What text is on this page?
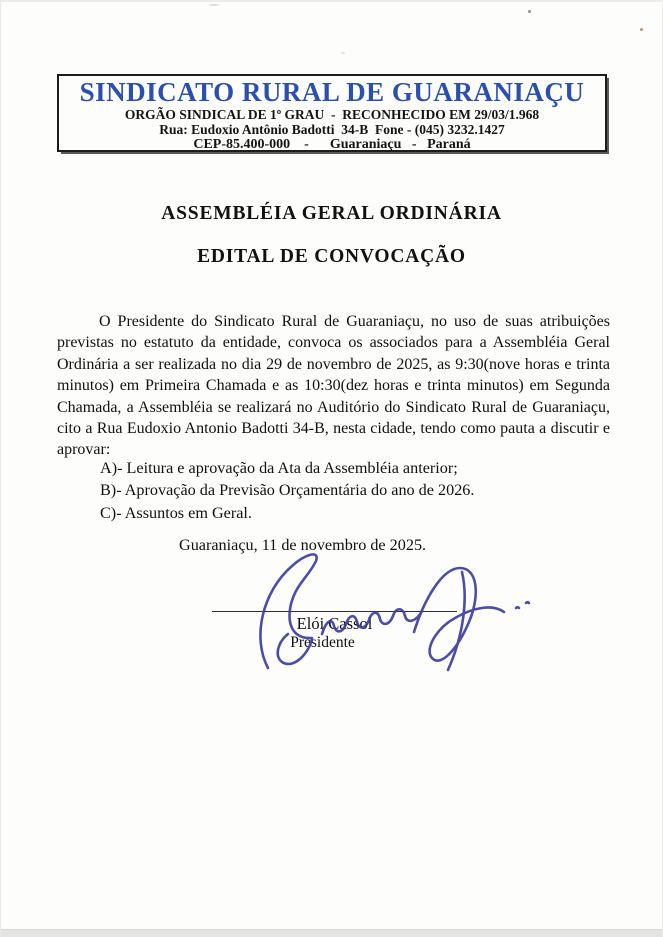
SINDICATO RURAL DE GUARANIAÇU

ORGÃO SINDICAL DE 1º GRAU  -  RECONHECIDO EM 29/03/1.968

Rua: Eudoxio Antônio Badotti  34-B  Fone - (045) 3232.1427

CEP-85.400-000    -      Guaraniaçu   -   Paraná

ASSEMBLÉIA GERAL ORDINÁRIA
EDITAL DE CONVOCAÇÃO

O Presidente do Sindicato Rural de Guaraniaçu, no uso de suas atribuições previstas no estatuto da entidade, convoca os associados para a Assembléia Geral Ordinária a ser realizada no dia 29 de novembro de 2025, as 9:30(nove horas e trinta minutos) em Primeira Chamada e as 10:30(dez horas e trinta minutos) em Segunda Chamada, a Assembléia se realizará no Auditório do Sindicato Rural de Guaraniaçu, cito a Rua Eudoxio Antonio Badotti 34-B, nesta cidade, tendo como pauta a discutir e aprovar:

A)- Leitura e aprovação da Ata da Assembléia anterior;
B)- Aprovação da Previsão Orçamentária do ano de 2026.
C)- Assuntos em Geral.

Guaraniaçu, 11 de novembro de 2025.

Elói Cassol

Presidente
